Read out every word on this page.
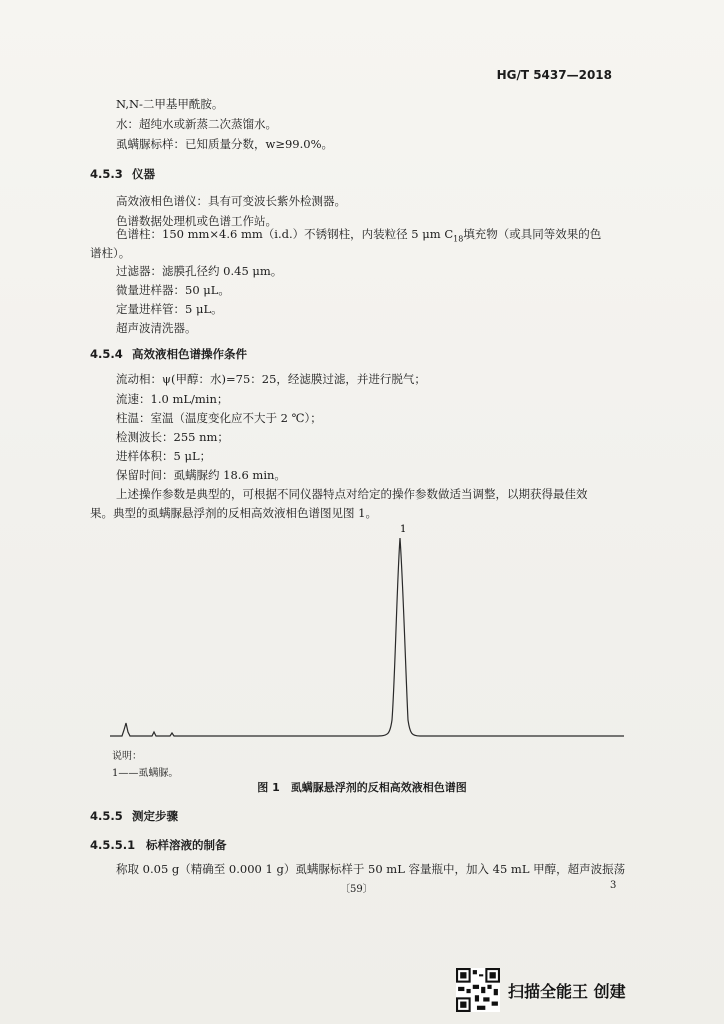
HG/T 5437—2018
N,N-二甲基甲酰胺。
水：超纯水或新蒸二次蒸馏水。
虱螨脲标样：已知质量分数，w≥99.0%。
4.5.3 仪器
高效液相色谱仪：具有可变波长紫外检测器。
色谱数据处理机或色谱工作站。
色谱柱：150 mm×4.6 mm（i.d.）不锈钢柱，内装粒径 5 μm $C_{18}$填充物（或具同等效果的色
谱柱）。
过滤器：滤膜孔径约 0.45 μm。
微量进样器：50 μL。
定量进样管：5 μL。
超声波清洗器。
4.5.4 高效液相色谱操作条件
流动相：ψ(甲醇：水)=75：25，经滤膜过滤，并进行脱气；
流速：1.0 mL/min；
柱温：室温（温度变化应不大于 2 ℃）；
检测波长：255 nm；
进样体积：5 μL；
保留时间：虱螨脲约 18.6 min。
上述操作参数是典型的，可根据不同仪器特点对给定的操作参数做适当调整，以期获得最佳效
果。典型的虱螨脲悬浮剂的反相高效液相色谱图见图 1。
1
说明：
1——虱螨脲。
图 1　虱螨脲悬浮剂的反相高效液相色谱图
4.5.5 测定步骤
4.5.5.1 标样溶液的制备
称取 0.05 g（精确至 0.000 1 g）虱螨脲标样于 50 mL 容量瓶中，加入 45 mL 甲醇，超声波振荡
〔59〕	3
扫描全能王 创建
